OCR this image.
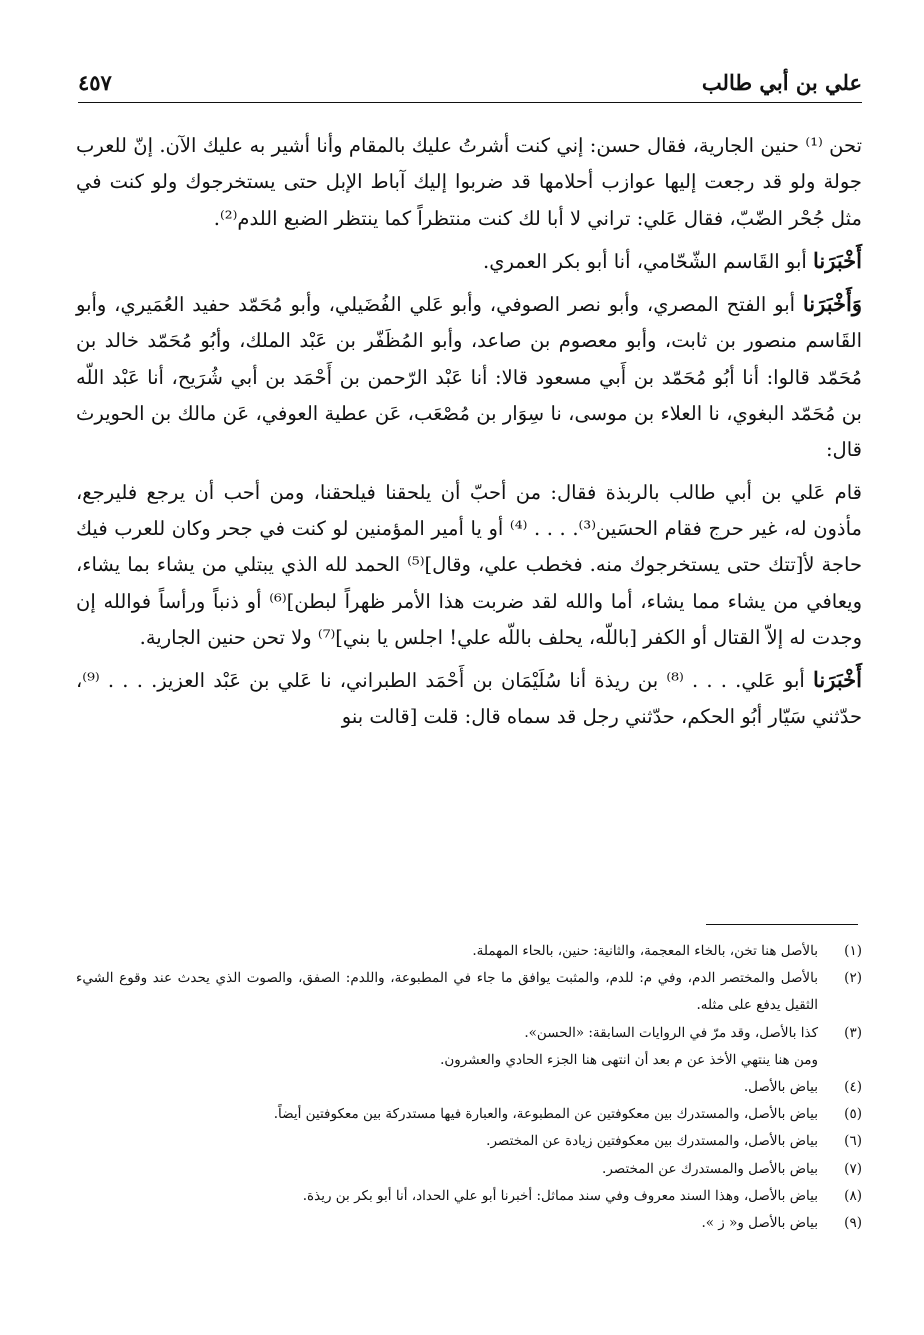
علي بن أبي طالب
٤٥٧

تحن ⁽¹⁾ حنين الجارية، فقال حسن: إني كنت أشرتُ عليك بالمقام وأنا أشير به عليك الآن. إنّ للعرب جولة ولو قد رجعت إليها عوازب أحلامها قد ضربوا إليك آباط الإبل حتى يستخرجوك ولو كنت في مثل جُحْر الضّبّ، فقال عَلي: تراني لا أبا لك كنت منتظراً كما ينتظر الضبع اللدم⁽²⁾.

أَخْبَرَنا أبو القَاسم الشّحّامي، أنا أبو بكر العمري.

وَأَخْبَرَنا أبو الفتح المصري، وأبو نصر الصوفي، وأبو عَلي الفُضَيلي، وأبو مُحَمّد حفيد العُمَيري، وأبو القَاسم منصور بن ثابت، وأبو معصوم بن صاعد، وأبو المُظَفّر بن عَبْد الملك، وأبُو مُحَمّد خالد بن مُحَمّد قالوا: أنا أبُو مُحَمّد بن أَبي مسعود قالا: أنا عَبْد الرّحمن بن أَحْمَد بن أبي شُرَيح، أنا عَبْد اللّه بن مُحَمّد البغوي، نا العلاء بن موسى، نا سِوَار بن مُصْعَب، عَن عطية العوفي، عَن مالك بن الحويرث قال:

قام عَلي بن أبي طالب بالربذة فقال: من أحبّ أن يلحقنا فيلحقنا، ومن أحب أن يرجع فليرجع، مأذون له، غير حرج فقام الحسَين⁽³⁾. . . . ⁽⁴⁾ أو يا أمير المؤمنين لو كنت في جحر وكان للعرب فيك حاجة لأ[تتك حتى يستخرجوك منه. فخطب علي، وقال]⁽⁵⁾ الحمد لله الذي يبتلي من يشاء بما يشاء، ويعافي من يشاء مما يشاء، أما والله لقد ضربت هذا الأمر ظهراً لبطن]⁽⁶⁾ أو ذنباً ورأساً فوالله إن وجدت له إلاّ القتال أو الكفر [باللّه، يحلف باللّه علي! اجلس يا بني]⁽⁷⁾ ولا تحن حنين الجارية.

أَخْبَرَنا أبو عَلي. . . . ⁽⁸⁾ بن ريذة أنا سُلَيْمَان بن أَحْمَد الطبراني، نا عَلي بن عَبْد العزيز. . . . ⁽⁹⁾، حدّثني سَيّار أبُو الحكم، حدّثني رجل قد سماه قال: قلت [قالت بنو

(١)
بالأصل هنا تخن، بالخاء المعجمة، والثانية: حنين، بالحاء المهملة.
(٢)
بالأصل والمختصر الدم، وفي م: للدم، والمثبت يوافق ما جاء في المطبوعة، واللدم: الصفق، والصوت الذي يحدث عند وقوع الشيء الثقيل يدفع على مثله.
(٣)
كذا بالأصل، وقد مرّ في الروايات السابقة: «الحسن».
ومن هنا ينتهي الأخذ عن م بعد أن انتهى هنا الجزء الحادي والعشرون.
(٤)
بياض بالأصل.
(٥)
بياض بالأصل، والمستدرك بين معكوفتين عن المطبوعة، والعبارة فيها مستدركة بين معكوفتين أيضاً.
(٦)
بياض بالأصل، والمستدرك بين معكوفتين زيادة عن المختصر.
(٧)
بياض بالأصل والمستدرك عن المختصر.
(٨)
بياض بالأصل، وهذا السند معروف وفي سند مماثل: أخبرنا أبو علي الحداد، أنا أبو بكر بن ريذة.
(٩)
بياض بالأصل و« ز ».
